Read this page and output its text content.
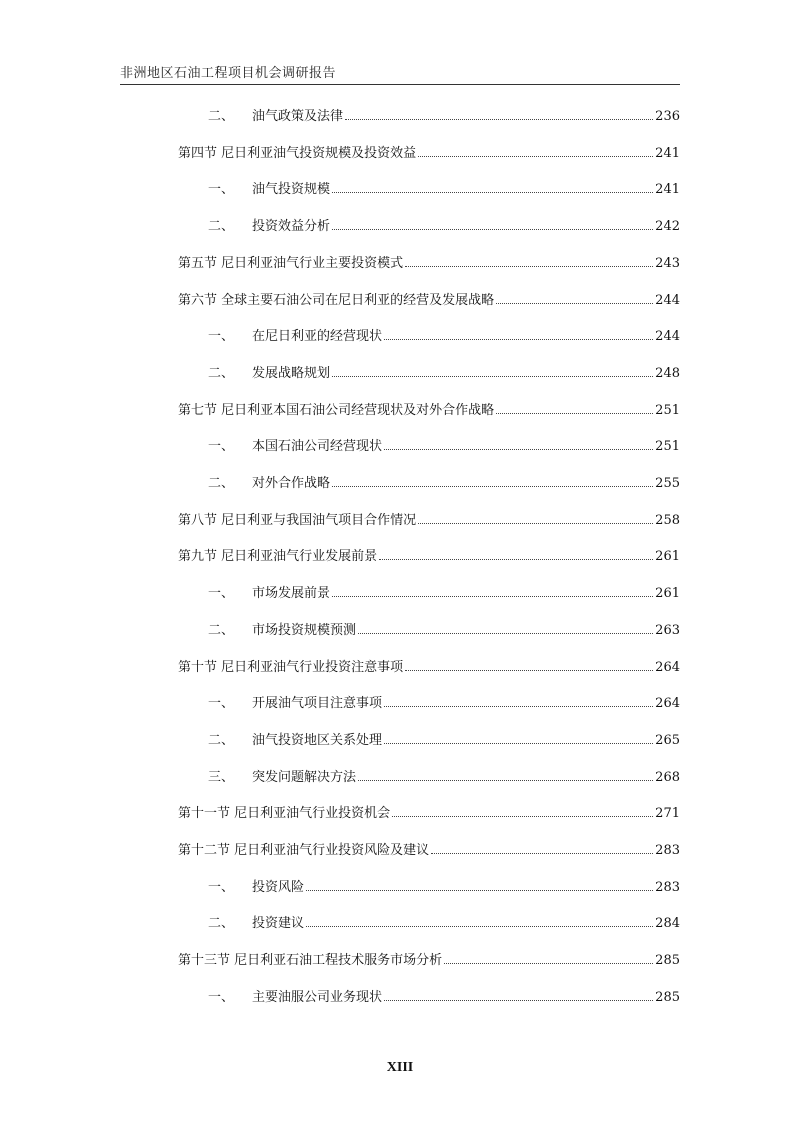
非洲地区石油工程项目机会调研报告
二、 油气政策及法律	236
第四节 尼日利亚油气投资规模及投资效益	241
一、 油气投资规模	241
二、 投资效益分析	242
第五节 尼日利亚油气行业主要投资模式	243
第六节 全球主要石油公司在尼日利亚的经营及发展战略	244
一、 在尼日利亚的经营现状	244
二、 发展战略规划	248
第七节 尼日利亚本国石油公司经营现状及对外合作战略	251
一、 本国石油公司经营现状	251
二、 对外合作战略	255
第八节 尼日利亚与我国油气项目合作情况	258
第九节 尼日利亚油气行业发展前景	261
一、 市场发展前景	261
二、 市场投资规模预测	263
第十节 尼日利亚油气行业投资注意事项	264
一、 开展油气项目注意事项	264
二、 油气投资地区关系处理	265
三、 突发问题解决方法	268
第十一节 尼日利亚油气行业投资机会	271
第十二节 尼日利亚油气行业投资风险及建议	283
一、 投资风险	283
二、 投资建议	284
第十三节 尼日利亚石油工程技术服务市场分析	285
一、 主要油服公司业务现状	285
XIII
